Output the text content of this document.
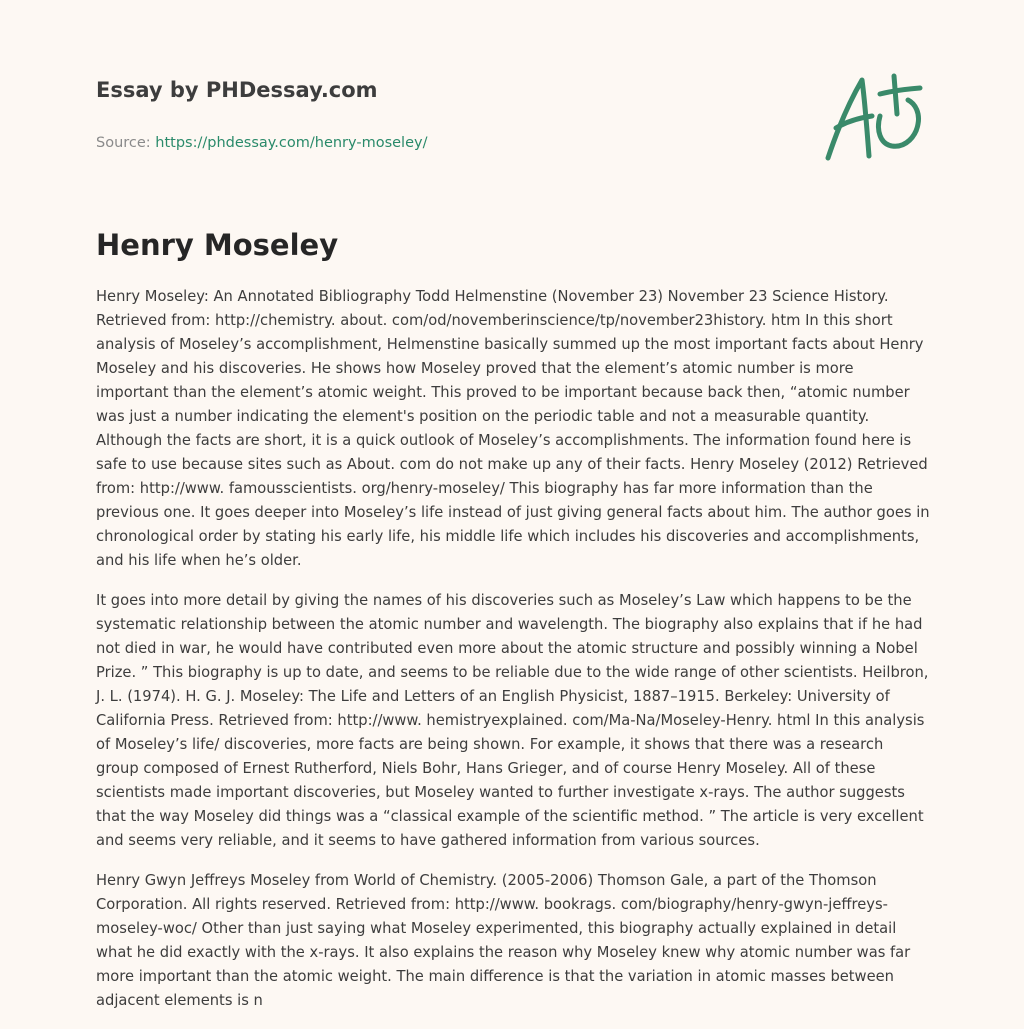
Essay by PHDessay.com
Source: https://phdessay.com/henry-moseley/
Henry Moseley

Henry Moseley: An Annotated Bibliography Todd Helmenstine (November 23) November 23 Science History. Retrieved from: http://chemistry. about. com/od/novemberinscience/tp/november23history. htm In this short analysis of Moseley’s accomplishment, Helmenstine basically summed up the most important facts about Henry Moseley and his discoveries. He shows how Moseley proved that the element’s atomic number is more important than the element’s atomic weight. This proved to be important because back then, “atomic number was just a number indicating the element's position on the periodic table and not a measurable quantity. Although the facts are short, it is a quick outlook of Moseley’s accomplishments. The information found here is safe to use because sites such as About. com do not make up any of their facts. Henry Moseley (2012) Retrieved from: http://www. famousscientists. org/henry-moseley/ This biography has far more information than the previous one. It goes deeper into Moseley’s life instead of just giving general facts about him. The author goes in chronological order by stating his early life, his middle life which includes his discoveries and accomplishments, and his life when he’s older.

It goes into more detail by giving the names of his discoveries such as Moseley’s Law which happens to be the systematic relationship between the atomic number and wavelength. The biography also explains that if he had not died in war, he would have contributed even more about the atomic structure and possibly winning a Nobel Prize. ” This biography is up to date, and seems to be reliable due to the wide range of other scientists. Heilbron, J. L. (1974). H. G. J. Moseley: The Life and Letters of an English Physicist, 1887–1915. Berkeley: University of California Press. Retrieved from: http://www. hemistryexplained. com/Ma-Na/Moseley-Henry. html In this analysis of Moseley’s life/ discoveries, more facts are being shown. For example, it shows that there was a research group composed of Ernest Rutherford, Niels Bohr, Hans Grieger, and of course Henry Moseley. All of these scientists made important discoveries, but Moseley wanted to further investigate x-rays. The author suggests that the way Moseley did things was a “classical example of the scientific method. ” The article is very excellent and seems very reliable, and it seems to have gathered information from various sources.

Henry Gwyn Jeffreys Moseley from World of Chemistry. (2005-2006) Thomson Gale, a part of the Thomson Corporation. All rights reserved. Retrieved from: http://www. bookrags. com/biography/henry-gwyn-jeffreys-moseley-woc/ Other than just saying what Moseley experimented, this biography actually explained in detail what he did exactly with the x-rays. It also explains the reason why Moseley knew why atomic number was far more important than the atomic weight. The main difference is that the variation in atomic masses between adjacent elements is n
